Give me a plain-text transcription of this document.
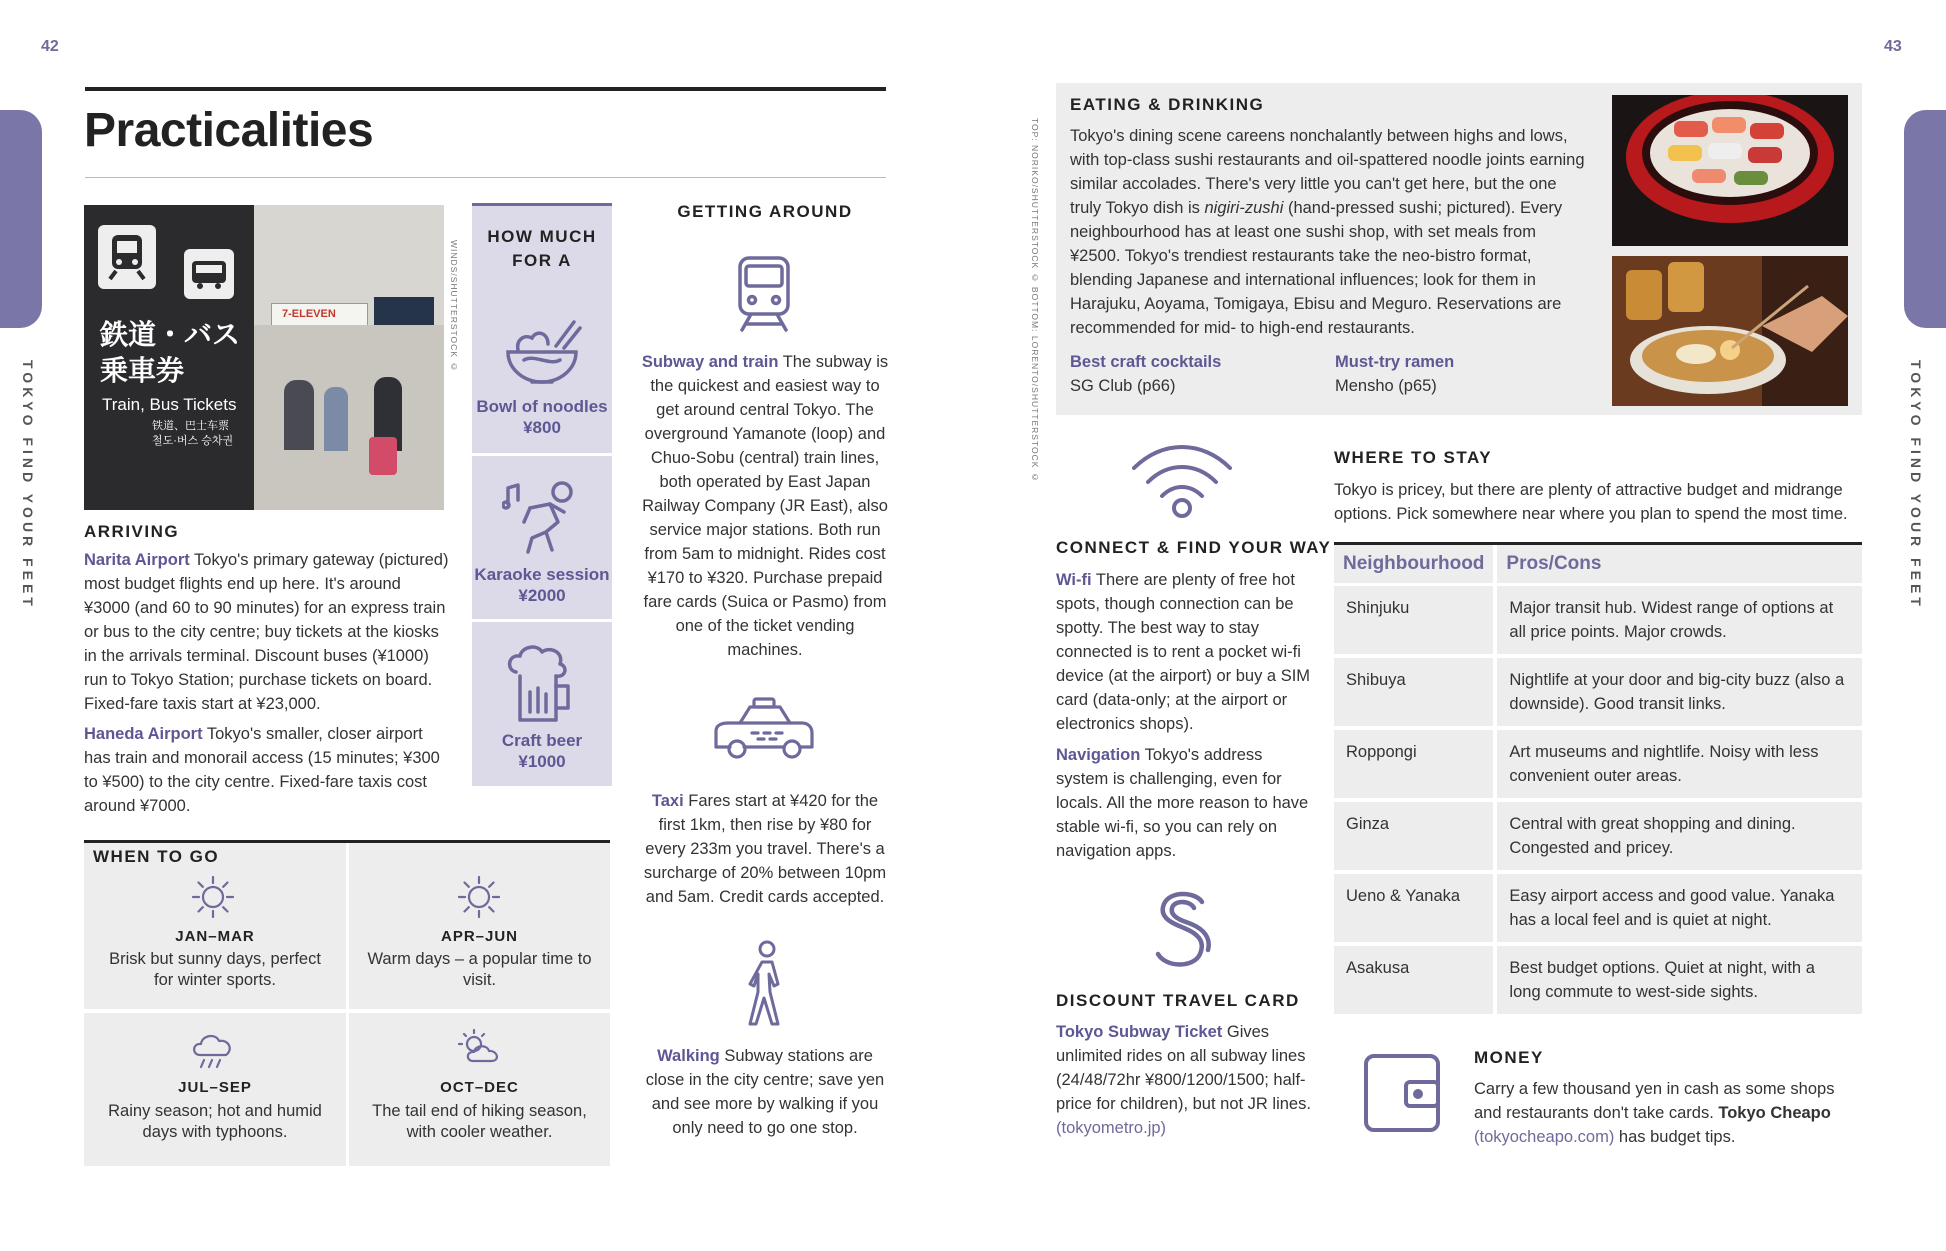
42	43
TOKYO FIND YOUR FEET	TOKYO FIND YOUR FEET
Practicalities
7-ELEVEN
鉄道・バス
乗車券
Train, Bus Tickets
铁道、巴士车票
철도·버스 승차권
WINDS/SHUTTERSTOCK ©
HOW MUCH FOR A
Bowl of noodles
¥800
Karaoke session
¥2000
Craft beer
¥1000

ARRIVING

Narita Airport Tokyo's primary gateway (pictured) most budget flights end up here. It's around ¥3000 (and 60 to 90 minutes) for an express train or bus to the city centre; buy tickets at the kiosks in the arrivals terminal. Discount buses (¥1000) run to Tokyo Station; purchase tickets on board. Fixed-fare taxis start at ¥23,000.

Haneda Airport Tokyo's smaller, closer airport has train and monorail access (15 minutes; ¥300 to ¥500) to the city centre. Fixed-fare taxis cost around ¥7000.

WHEN TO GO
JAN–MAR
Brisk but sunny days, perfect for winter sports.
APR–JUN
Warm days – a popular time to visit.
JUL–SEP
Rainy season; hot and humid days with typhoons.
OCT–DEC
The tail end of hiking season, with cooler weather.
GETTING AROUND

Subway and train The subway is the quickest and easiest way to get around central Tokyo. The overground Yamanote (loop) and Chuo-Sobu (central) train lines, both operated by East Japan Railway Company (JR East), also service major stations. Both run from 5am to midnight. Rides cost ¥170 to ¥320. Purchase prepaid fare cards (Suica or Pasmo) from one of the ticket vending machines.

Taxi Fares start at ¥420 for the first 1km, then rise by ¥80 for every 233m you travel. There's a surcharge of 20% between 10pm and 5am. Credit cards accepted.

Walking Subway stations are close in the city centre; save yen and see more by walking if you only need to go one stop.

EATING & DRINKING

Tokyo's dining scene careens nonchalantly between highs and lows, with top-class sushi restaurants and oil-spattered noodle joints earning similar accolades. There's very little you can't get here, but the one truly Tokyo dish is nigiri-zushi (hand-pressed sushi; pictured). Every neighbourhood has at least one sushi shop, with set meals from ¥2500. Tokyo's trendiest restaurants take the neo-bistro format, blending Japanese and international influences; look for them in Harajuku, Aoyama, Tomigaya, Ebisu and Meguro. Reservations are recommended for mid- to high-end restaurants.

Best craft cocktails
SG Club (p66)
Must-try ramen
Mensho (p65)
TOP: NORIKO/SHUTTERSTOCK © BOTTOM: LORENTO/SHUTTERSTOCK ©
CONNECT & FIND YOUR WAY

Wi-fi There are plenty of free hot spots, though connection can be spotty. The best way to stay connected is to rent a pocket wi-fi device (at the airport) or buy a SIM card (data-only; at the airport or electronics shops).

Navigation Tokyo's address system is challenging, even for locals. All the more reason to have stable wi-fi, so you can rely on navigation apps.

DISCOUNT TRAVEL CARD

Tokyo Subway Ticket Gives unlimited rides on all subway lines (24/48/72hr ¥800/1200/1500; half-price for children), but not JR lines. (tokyometro.jp)

WHERE TO STAY

Tokyo is pricey, but there are plenty of attractive budget and midrange options. Pick somewhere near where you plan to spend the most time.

Neighbourhood	Pros/Cons
Shinjuku	Major transit hub. Widest range of options at all price points. Major crowds.
Shibuya	Nightlife at your door and big-city buzz (also a downside). Good transit links.
Roppongi	Art museums and nightlife. Noisy with less convenient outer areas.
Ginza	Central with great shopping and dining. Congested and pricey.
Ueno & Yanaka	Easy airport access and good value. Yanaka has a local feel and is quiet at night.
Asakusa	Best budget options. Quiet at night, with a long commute to west-side sights.
MONEY

Carry a few thousand yen in cash as some shops and restaurants don't take cards. Tokyo Cheapo (tokyocheapo.com) has budget tips.
